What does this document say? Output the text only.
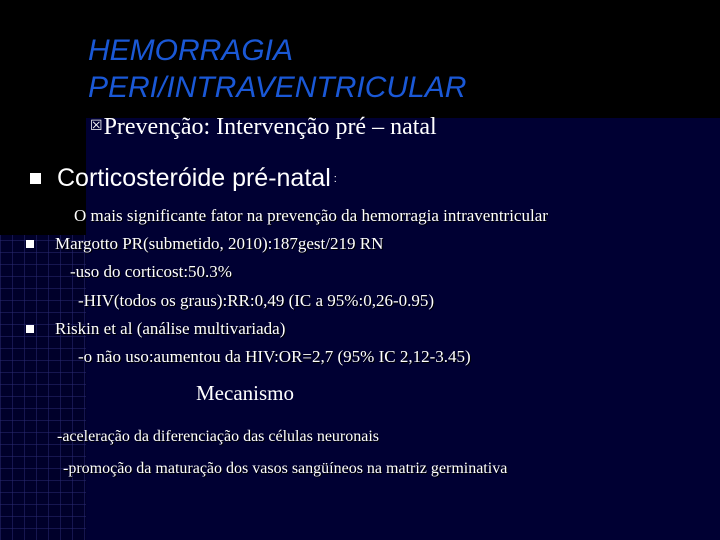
HEMORRAGIA
PERI/INTRAVENTRICULAR
☒Prevenção: Intervenção pré – natal
Corticosteróide pré-natal :
O mais significante fator na prevenção da hemorragia intraventricular
Margotto PR(submetido, 2010):187gest/219 RN
-uso do corticost:50.3%
-HIV(todos os graus):RR:0,49 (IC a 95%:0,26-0.95)
Riskin et al (análise multivariada)
-o não uso:aumentou da HIV:OR=2,7 (95% IC 2,12-3.45)
Mecanismo
-aceleração da diferenciação das células neuronais
-promoção da maturação dos vasos sangüíneos na matriz germinativa
